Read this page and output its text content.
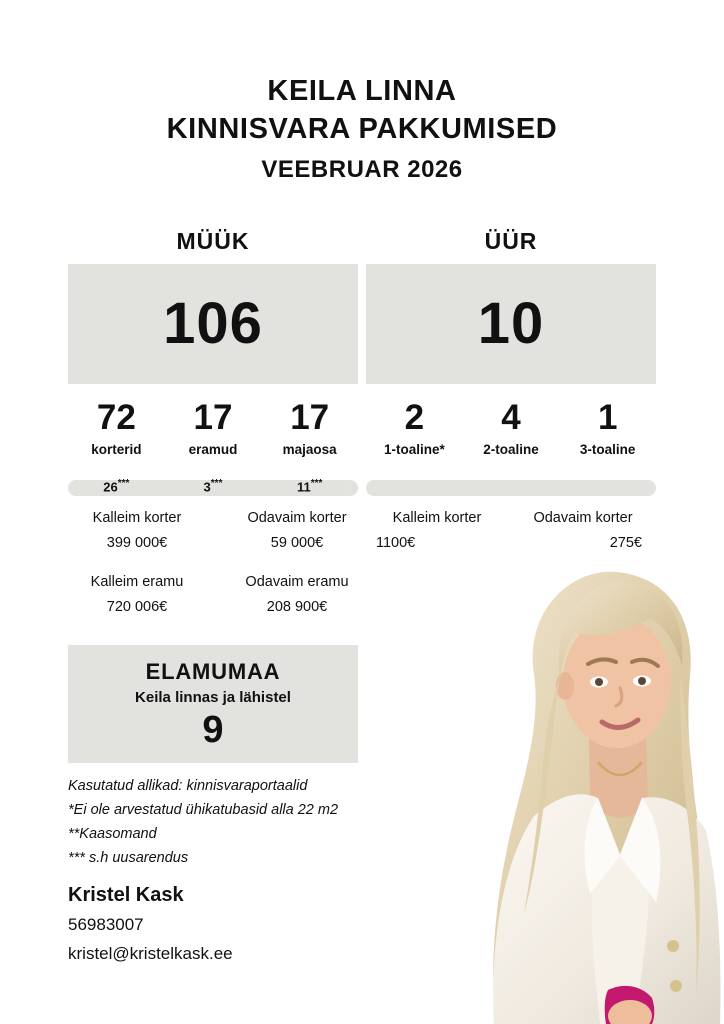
KEILA LINNA
KINNISVARA PAKKUMISED
VEEBRUAR 2026
MÜÜK
106
72
korterid
17
eramud
17
majaosa
26***	3***	11***
Kalleim korter
399 000€
Odavaim korter
59 000€
Kalleim eramu
720 006€
Odavaim eramu
208 900€
ÜÜR
10
2
1-toaline*
4
2-toaline
1
3-toaline
Kalleim korter
1100€
Odavaim korter
275€
ELAMUMAA
Keila linnas ja lähistel
9
Kasutatud allikad: kinnisvaraportaalid
*Ei ole arvestatud ühikatubasid alla 22 m2
**Kaasomand
*** s.h uusarendus
Kristel Kask
56983007
kristel@kristelkask.ee
